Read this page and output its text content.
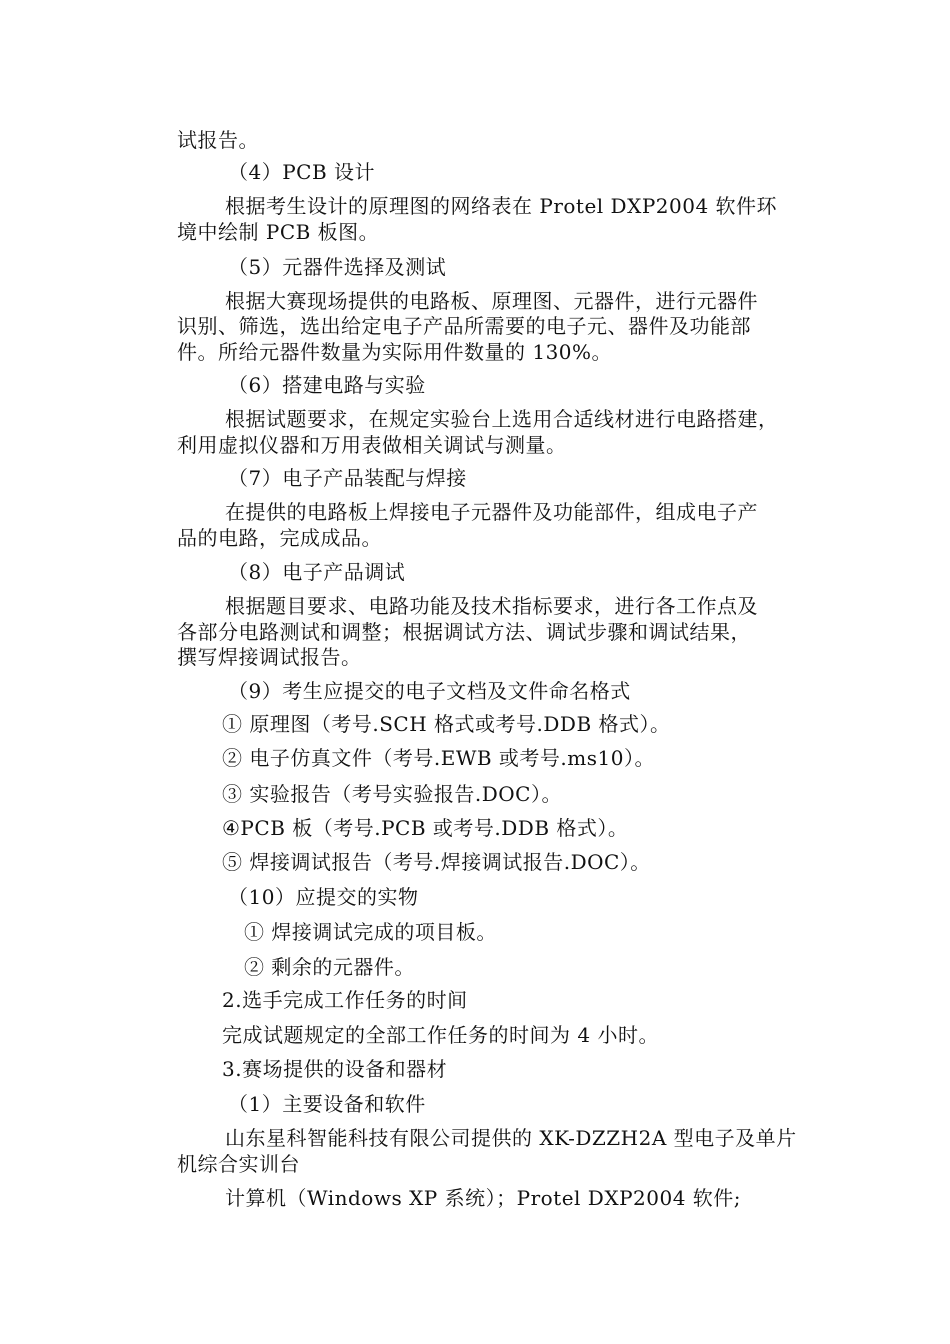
试报告。
（4）PCB 设计
根据考生设计的原理图的网络表在 Protel DXP2004 软件环
境中绘制 PCB 板图。
（5）元器件选择及测试
根据大赛现场提供的电路板、原理图、元器件，进行元器件
识别、筛选，选出给定电子产品所需要的电子元、器件及功能部
件。所给元器件数量为实际用件数量的 130%。
（6）搭建电路与实验
根据试题要求，在规定实验台上选用合适线材进行电路搭建，
利用虚拟仪器和万用表做相关调试与测量。
（7）电子产品装配与焊接
在提供的电路板上焊接电子元器件及功能部件，组成电子产
品的电路，完成成品。
（8）电子产品调试
根据题目要求、电路功能及技术指标要求，进行各工作点及
各部分电路测试和调整；根据调试方法、调试步骤和调试结果，
撰写焊接调试报告。
（9）考生应提交的电子文档及文件命名格式
① 原理图（考号.SCH 格式或考号.DDB 格式）。
② 电子仿真文件（考号.EWB 或考号.ms10）。
③ 实验报告（考号实验报告.DOC）。
④PCB 板（考号.PCB 或考号.DDB 格式）。
⑤ 焊接调试报告（考号.焊接调试报告.DOC）。
（10）应提交的实物
① 焊接调试完成的项目板。
② 剩余的元器件。
2.选手完成工作任务的时间
完成试题规定的全部工作任务的时间为 4 小时。
3.赛场提供的设备和器材
（1）主要设备和软件
山东星科智能科技有限公司提供的 XK-DZZH2A 型电子及单片
机综合实训台
计算机（Windows XP 系统）；Protel DXP2004 软件;
